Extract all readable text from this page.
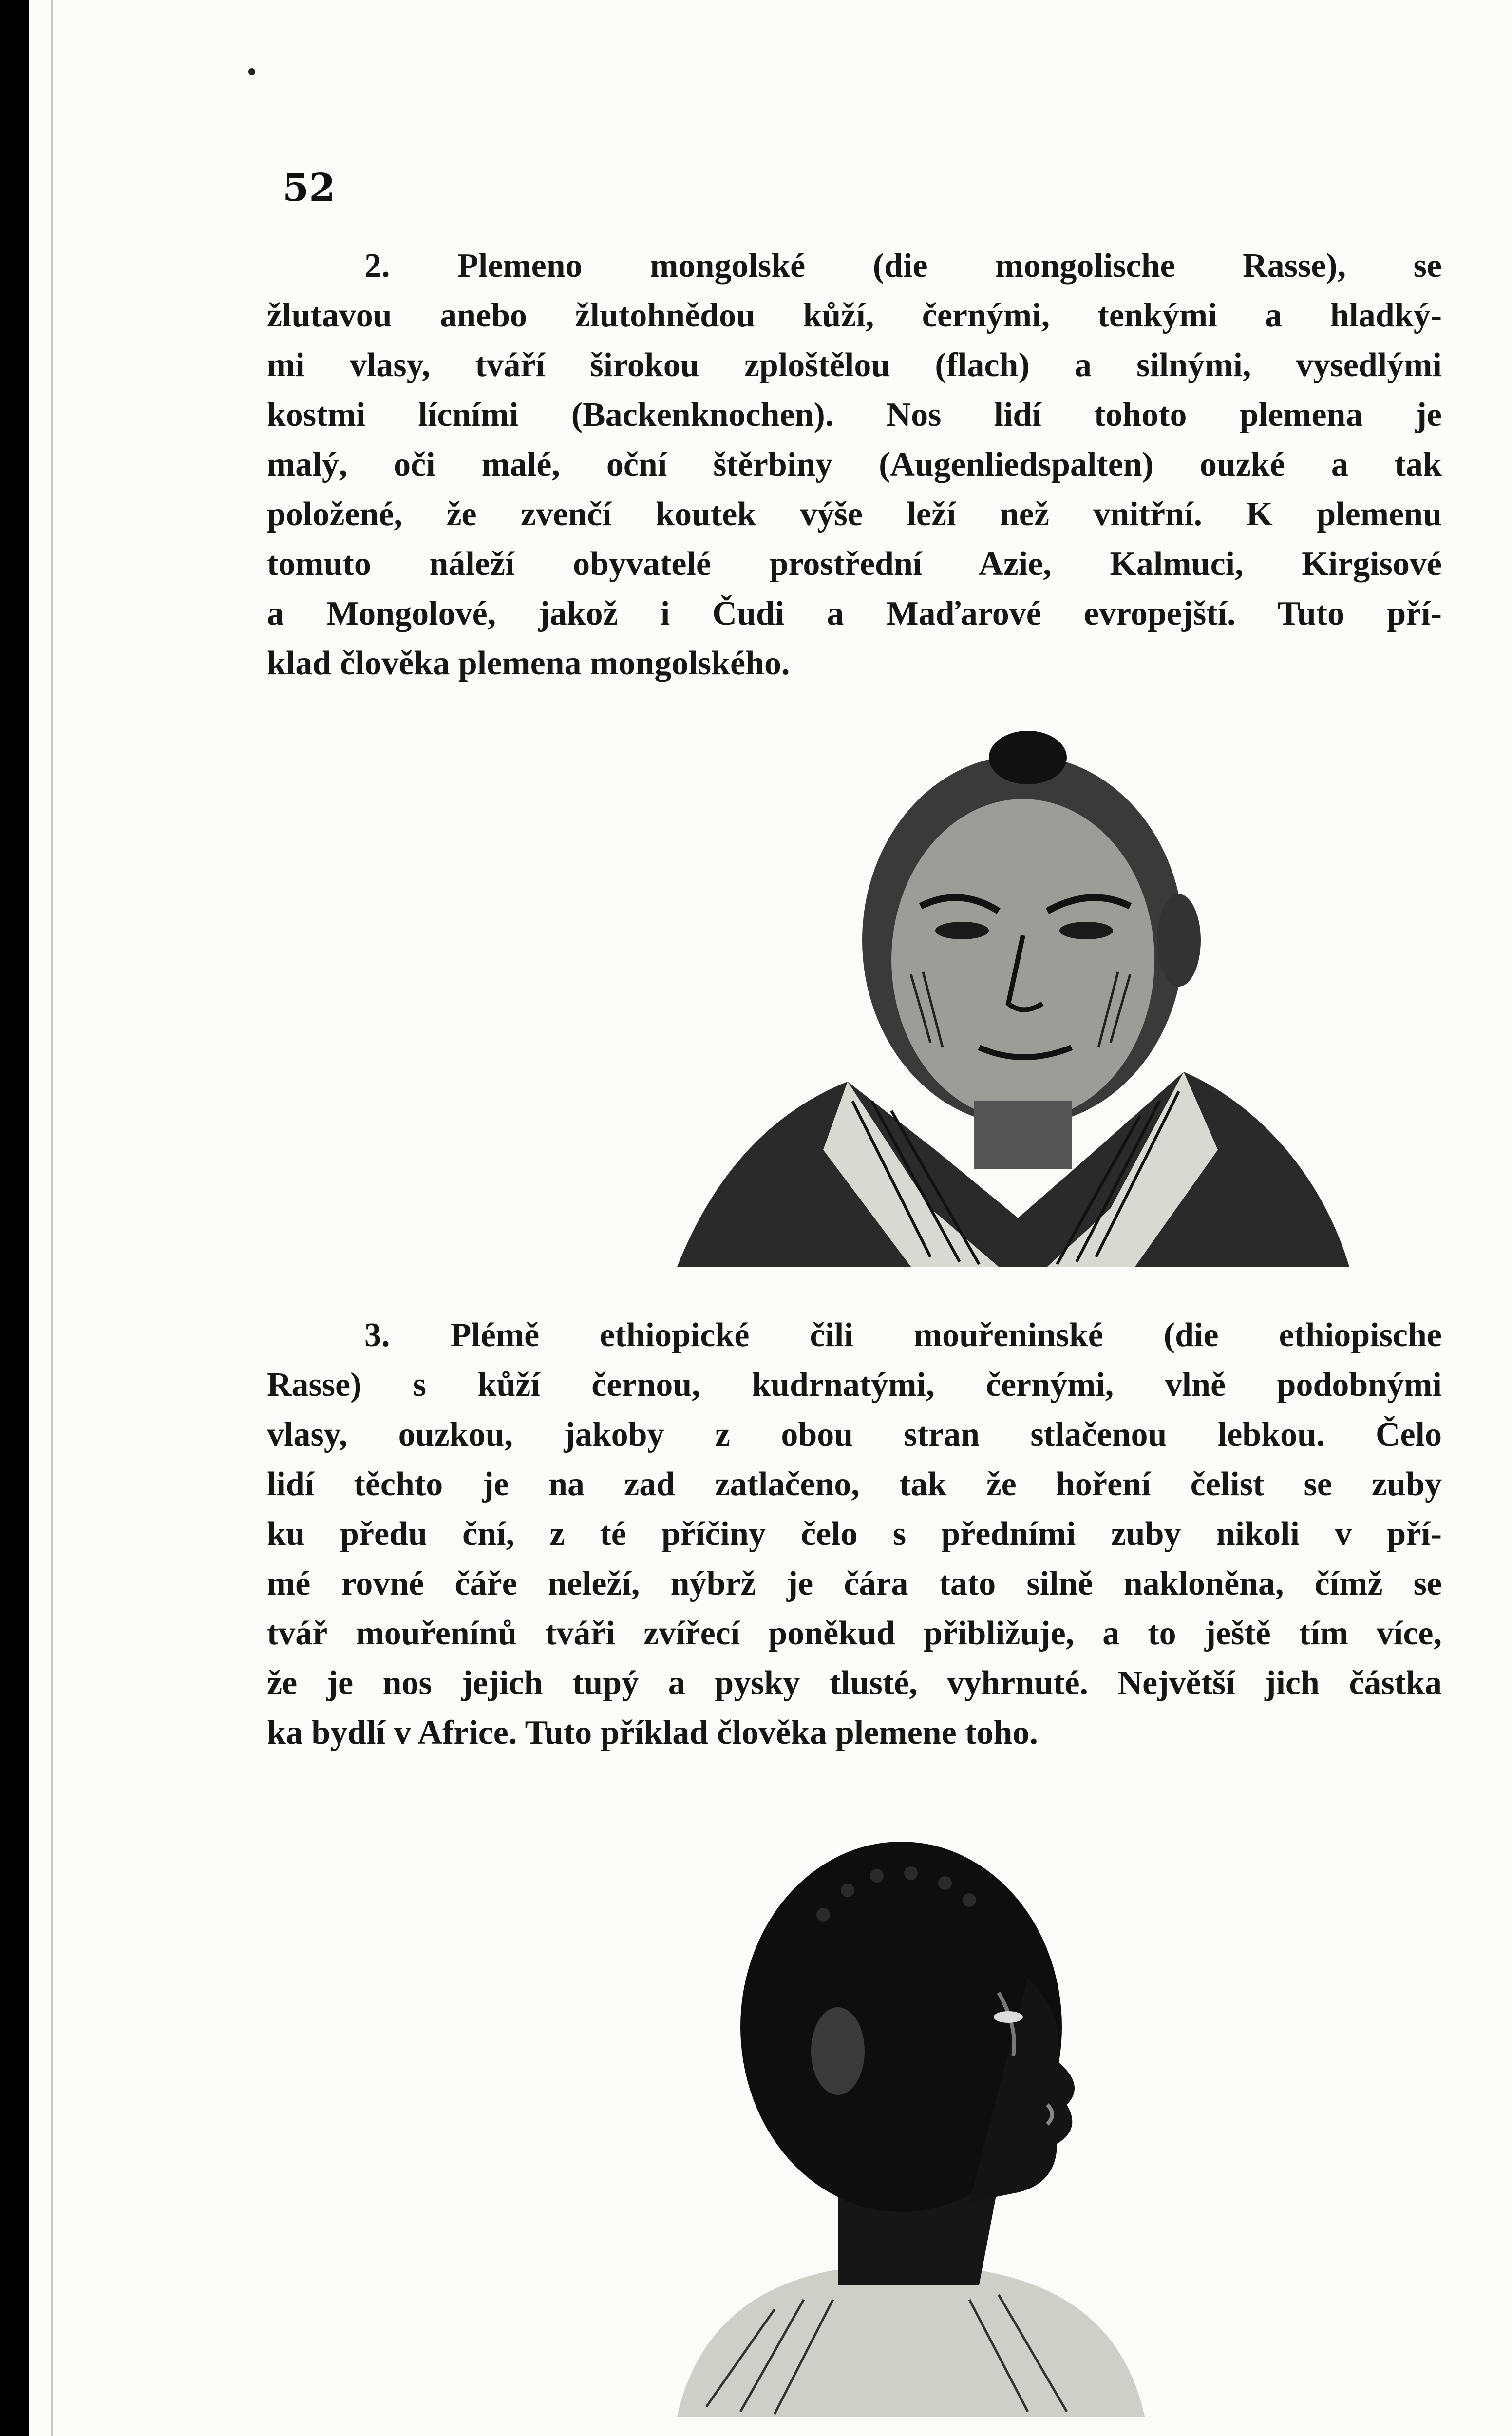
52

2. Plemeno mongolské (die mongolische Rasse), se

žlutavou anebo žlutohnědou kůží, černými, tenkými a hladký-

mi vlasy, tváří širokou zploštělou (flach) a silnými, vysedlými

kostmi lícními (Backenknochen). Nos lidí tohoto plemena je

malý, oči malé, oční štěrbiny (Augenliedspalten) ouzké a tak

položené, že zvenčí koutek výše leží než vnitřní. K plemenu

tomuto náleží obyvatelé prostřední Azie, Kalmuci, Kirgisové

a Mongolové, jakož i Čudi a Maďarové evropejští. Tuto pří-

klad člověka plemena mongolského.

3. Plémě ethiopické čili mouřeninské (die ethiopische

Rasse) s kůží černou, kudrnatými, černými, vlně podobnými

vlasy, ouzkou, jakoby z obou stran stlačenou lebkou. Čelo

lidí těchto je na zad zatlačeno, tak že hoření čelist se zuby

ku předu ční, z té příčiny čelo s předními zuby nikoli v pří-

mé rovné čáře neleží, nýbrž je čára tato silně nakloněna, čímž se

tvář mouřenínů tváři zvířecí poněkud přibližuje, a to ještě tím více,

že je nos jejich tupý a pysky tlusté, vyhrnuté. Největší jich částka

ka bydlí v Africe. Tuto příklad člověka plemene toho.
